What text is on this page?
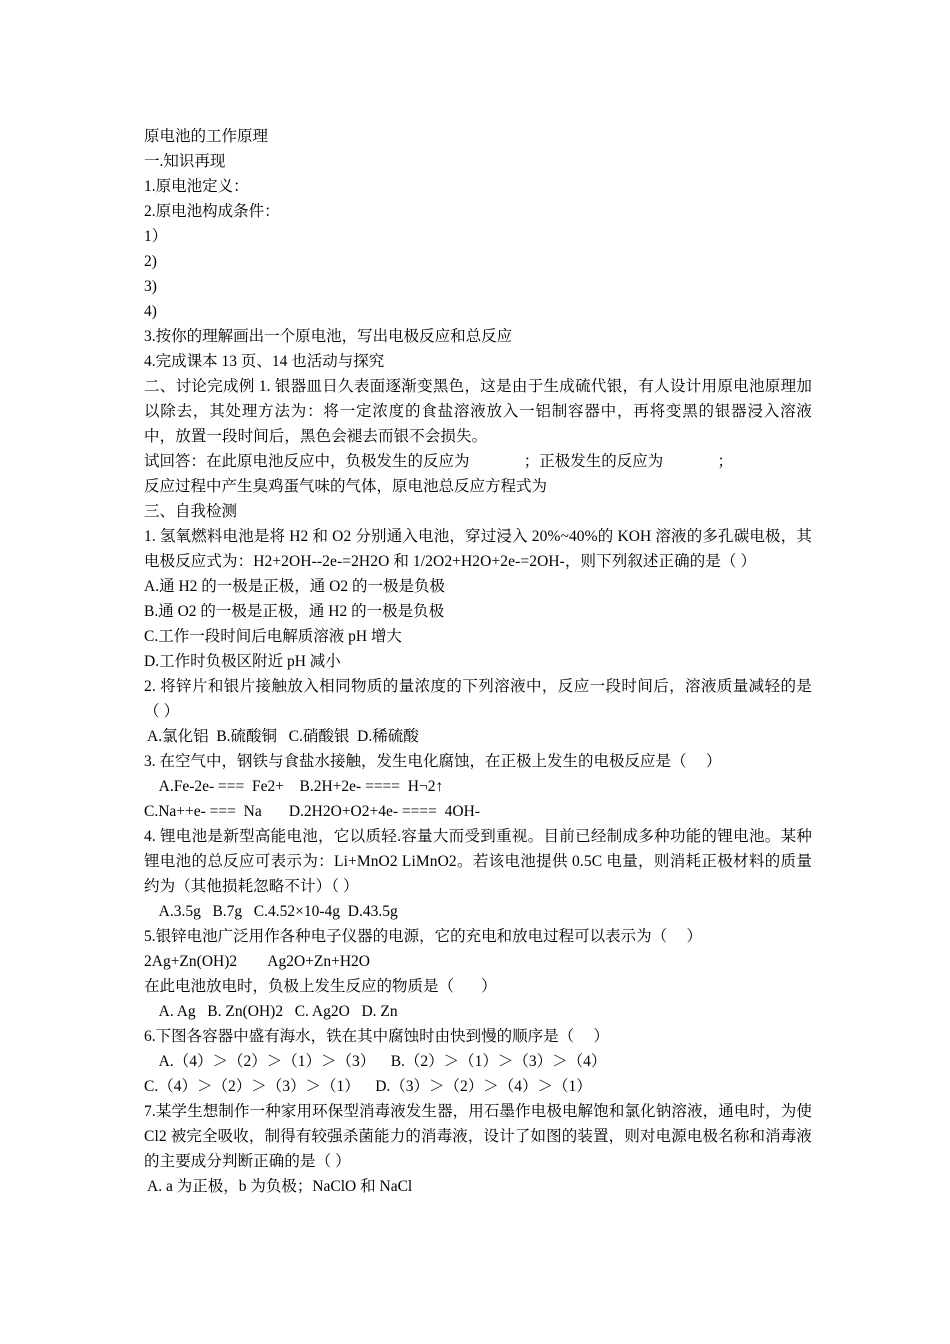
原电池的工作原理
一.知识再现
1.原电池定义：
2.原电池构成条件：
1）
2)
3)
4)
3.按你的理解画出一个原电池，写出电极反应和总反应
4.完成课本 13 页、14 也活动与探究
二、讨论完成例 1. 银器皿日久表面逐渐变黑色，这是由于生成硫代银，有人设计用原电池原理加以除去，其处理方法为：将一定浓度的食盐溶液放入一铝制容器中，再将变黑的银器浸入溶液中，放置一段时间后，黑色会褪去而银不会损失。
试回答：在此原电池反应中，负极发生的反应为              ；正极发生的反应为              ；
反应过程中产生臭鸡蛋气味的气体，原电池总反应方程式为
三、自我检测
1. 氢氧燃料电池是将 H2 和 O2 分别通入电池，穿过浸入 20%~40%的 KOH 溶液的多孔碳电极，其电极反应式为：H2+2OH--2e-=2H2O 和 1/2O2+H2O+2e-=2OH-，则下列叙述正确的是（ ）
A.通 H2 的一极是正极，通 O2 的一极是负极
B.通 O2 的一极是正极，通 H2 的一极是负极
C.工作一段时间后电解质溶液 pH 增大
D.工作时负极区附近 pH 减小
2. 将锌片和银片接触放入相同物质的量浓度的下列溶液中，反应一段时间后，溶液质量减轻的是（ ）
A.氯化铝  B.硫酸铜   C.硝酸银  D.稀硫酸
3. 在空气中，钢铁与食盐水接触，发生电化腐蚀，在正极上发生的电极反应是（     ）
A.Fe-2e- ===  Fe2+    B.2H+2e- ====  H¬2↑
C.Na++e- ===  Na       D.2H2O+O2+4e- ====  4OH-
4. 锂电池是新型高能电池，它以质轻.容量大而受到重视。目前已经制成多种功能的锂电池。某种锂电池的总反应可表示为：Li+MnO2 LiMnO2。若该电池提供 0.5C 电量，则消耗正极材料的质量约为（其他损耗忽略不计）（ ）
A.3.5g   B.7g   C.4.52×10-4g  D.43.5g
5.银锌电池广泛用作各种电子仪器的电源，它的充电和放电过程可以表示为（     ）
2Ag+Zn(OH)2        Ag2O+Zn+H2O
在此电池放电时，负极上发生反应的物质是（       ）
A. Ag   B. Zn(OH)2   C. Ag2O   D. Zn
6.下图各容器中盛有海水，铁在其中腐蚀时由快到慢的顺序是（     ）
A.（4）＞（2）＞（1）＞（3）    B.（2）＞（1）＞（3）＞（4）
C.（4）＞（2）＞（3）＞（1）    D.（3）＞（2）＞（4）＞（1）
7.某学生想制作一种家用环保型消毒液发生器，用石墨作电极电解饱和氯化钠溶液，通电时，为使 Cl2 被完全吸收，制得有较强杀菌能力的消毒液，设计了如图的装置，则对电源电极名称和消毒液的主要成分判断正确的是（ ）
A. a 为正极，b 为负极；NaClO 和 NaCl
